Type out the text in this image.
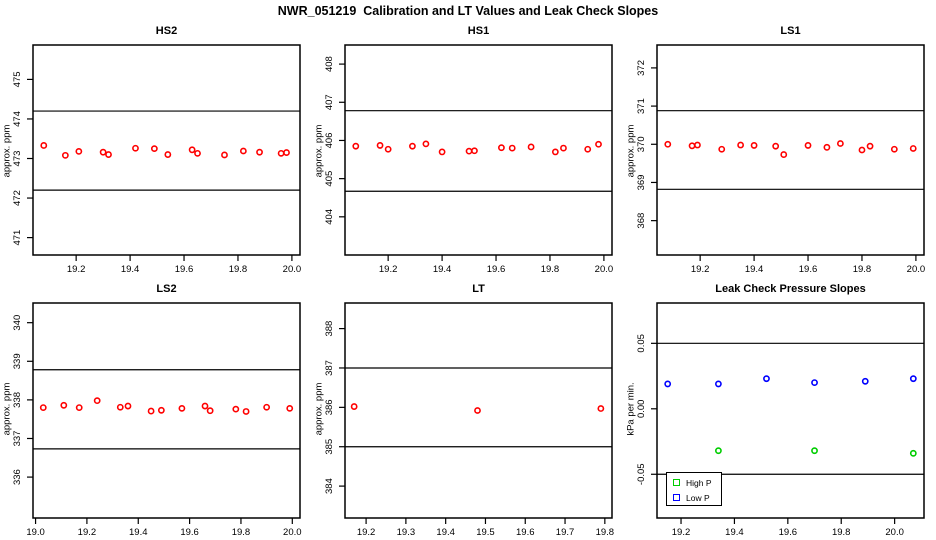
NWR_051219  Calibration and LT Values and Leak Check Slopes
HS2
approx. ppm
19.2	19.4	19.6	19.8	20.0
471
472
473
474
475
HS1
approx. ppm
19.2	19.4	19.6	19.8	20.0
404
405
406
407
408
LS1
approx. ppm
19.2	19.4	19.6	19.8	20.0
368
369
370
371
372
LS2
approx. ppm
19.0	19.2	19.4	19.6	19.8	20.0
336
337
338
339
340
LT
approx. ppm
19.2 19.3 19.4 19.5 19.6 19.7 19.8
384
385
386
387
388
Leak Check Pressure Slopes
kPa per min.
19.2	19.4	19.6	19.8	20.0
-0.05
0.00
0.05
High P
Low P
